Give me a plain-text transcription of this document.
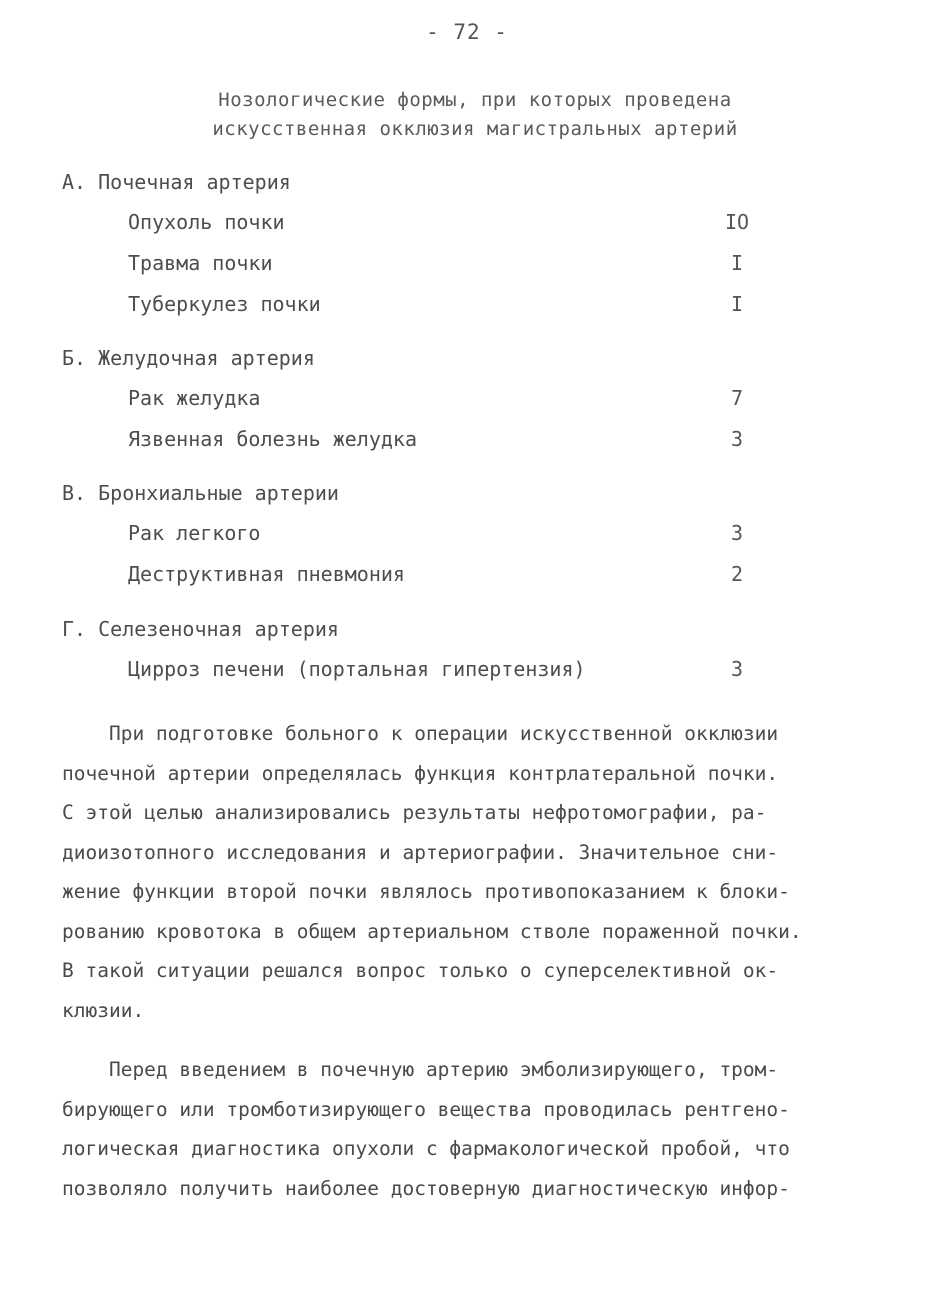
- 72 -
Нозологические формы, при которых проведена
искусственная окклюзия магистральных артерий
А. Почечная артерия
Опухоль почки	IO
Травма почки	I
Туберкулез почки	I
Б. Желудочная артерия
Рак желудка	7
Язвенная болезнь желудка	3
В. Бронхиальные артерии
Рак легкого	3
Деструктивная пневмония	2
Г. Селезеночная артерия
Цирроз печени (портальная гипертензия)	3
При подготовке больного к операции искусственной окклюзии
почечной артерии определялась функция контрлатеральной почки.
С этой целью анализировались результаты нефротомографии, ра-
диоизотопного исследования и артериографии. Значительное сни-
жение функции второй почки являлось противопоказанием к блоки-
рованию кровотока в общем артериальном стволе пораженной почки.
В такой ситуации решался вопрос только о суперселективной ок-
клюзии.
Перед введением в почечную артерию эмболизирующего, тром-
бирующего или тромботизирующего вещества проводилась рентгено-
логическая диагностика опухоли с фармакологической пробой, что
позволяло получить наиболее достоверную диагностическую инфор-
